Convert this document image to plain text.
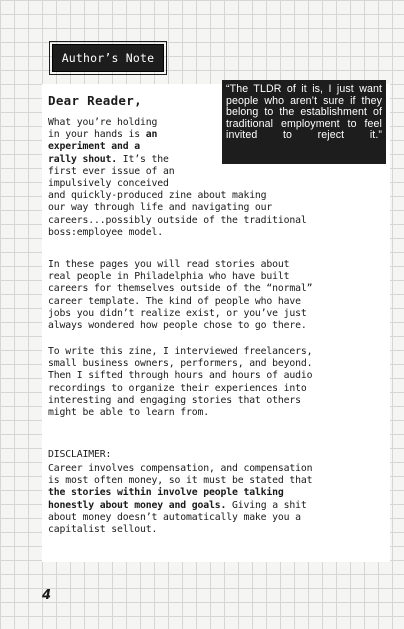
Author’s Note
“The TLDR of it is, I just want people who aren’t sure if they belong to the establishment of traditional employment to feel invited to reject it.”
Dear Reader,
What you’re holding
in your hands is an
experiment and a
rally shout. It’s the
first ever issue of an
impulsively conceived
and quickly-produced zine about making
our way through life and navigating our
careers...possibly outside of the traditional
boss:employee model.
In these pages you will read stories about
real people in Philadelphia who have built
careers for themselves outside of the “normal”
career template. The kind of people who have
jobs you didn’t realize exist, or you’ve just
always wondered how people chose to go there.
To write this zine, I interviewed freelancers,
small business owners, performers, and beyond.
Then I sifted through hours and hours of audio
recordings to organize their experiences into
interesting and engaging stories that others
might be able to learn from.
DISCLAIMER:
Career involves compensation, and compensation
is most often money, so it must be stated that
the stories within involve people talking
honestly about money and goals. Giving a shit
about money doesn’t automatically make you a
capitalist sellout.
4
